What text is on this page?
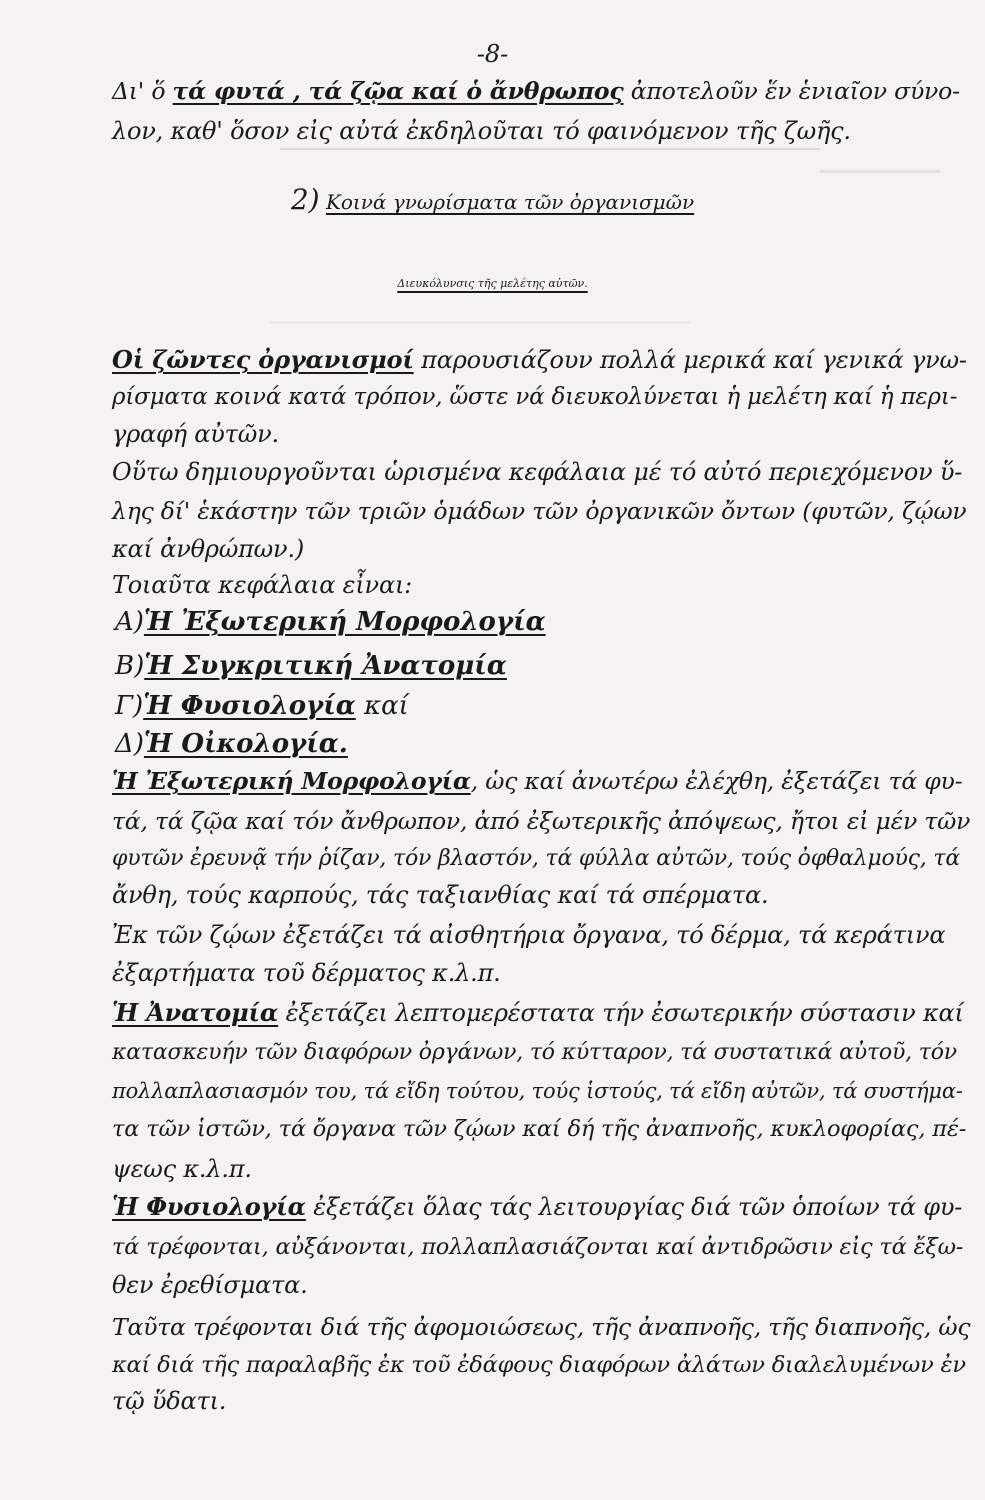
-8-
Δι' ὅ τά φυτά , τά ζῷα καί ὁ ἄνθρωπος ἀποτελοῦν ἕν ἑνιαῖον σύνο-
λον, καθ' ὅσον εἰς αὐτά ἐκδηλοῦται τό φαινόμενον τῆς ζωῆς.
2) Κοινά γνωρίσματα τῶν ὀργανισμῶν
Διευκόλυνσις τῆς μελέτης αὐτῶν.
Οἱ ζῶντες ὀργανισμοί παρουσιάζουν πολλά μερικά καί γενικά γνω-
ρίσματα κοινά κατά τρόπον, ὥστε νά διευκολύνεται ἡ μελέτη καί ἡ περι-
γραφή αὐτῶν.
Οὕτω δημιουργοῦνται ὡρισμένα κεφάλαια μέ τό αὐτό περιεχόμενον ὕ-
λης δί' ἑκάστην τῶν τριῶν ὁμάδων τῶν ὀργανικῶν ὄντων (φυτῶν, ζῴων
καί ἀνθρώπων.)
Τοιαῦτα κεφάλαια εἶναι:
Α)Ἡ Ἐξωτερική Μορφολογία
Β)Ἡ Συγκριτική Ἀνατομία
Γ)Ἡ Φυσιολογία καί
Δ)Ἡ Οἰκολογία.
Ἡ Ἐξωτερική Μορφολογία, ὡς καί ἀνωτέρω ἐλέχθη, ἐξετάζει τά φυ-
τά, τά ζῷα καί τόν ἄνθρωπον, ἀπό ἐξωτερικῆς ἀπόψεως, ἤτοι εἰ μέν τῶν
φυτῶν ἐρευνᾷ τήν ῥίζαν, τόν βλαστόν, τά φύλλα αὐτῶν, τούς ὀφθαλμούς, τά
ἄνθη, τούς καρπούς, τάς ταξιανθίας καί τά σπέρματα.
Ἐκ τῶν ζῴων ἐξετάζει τά αἰσθητήρια ὄργανα, τό δέρμα, τά κεράτινα
ἐξαρτήματα τοῦ δέρματος κ.λ.π.
Ἡ Ἀνατομία ἐξετάζει λεπτομερέστατα τήν ἐσωτερικήν σύστασιν καί
κατασκευήν τῶν διαφόρων ὀργάνων, τό κύτταρον, τά συστατικά αὐτοῦ, τόν
πολλαπλασιασμόν του, τά εἴδη τούτου, τούς ἱστούς, τά εἴδη αὐτῶν, τά συστήμα-
τα τῶν ἱστῶν, τά ὄργανα τῶν ζῴων καί δή τῆς ἀναπνοῆς, κυκλοφορίας, πέ-
ψεως κ.λ.π.
Ἡ Φυσιολογία ἐξετάζει ὅλας τάς λειτουργίας διά τῶν ὁποίων τά φυ-
τά τρέφονται, αὐξάνονται, πολλαπλασιάζονται καί ἀντιδρῶσιν εἰς τά ἔξω-
θεν ἐρεθίσματα.
Ταῦτα τρέφονται διά τῆς ἀφομοιώσεως, τῆς ἀναπνοῆς, τῆς διαπνοῆς, ὡς
καί διά τῆς παραλαβῆς ἐκ τοῦ ἐδάφους διαφόρων ἀλάτων διαλελυμένων ἐν
τῷ ὕδατι.
